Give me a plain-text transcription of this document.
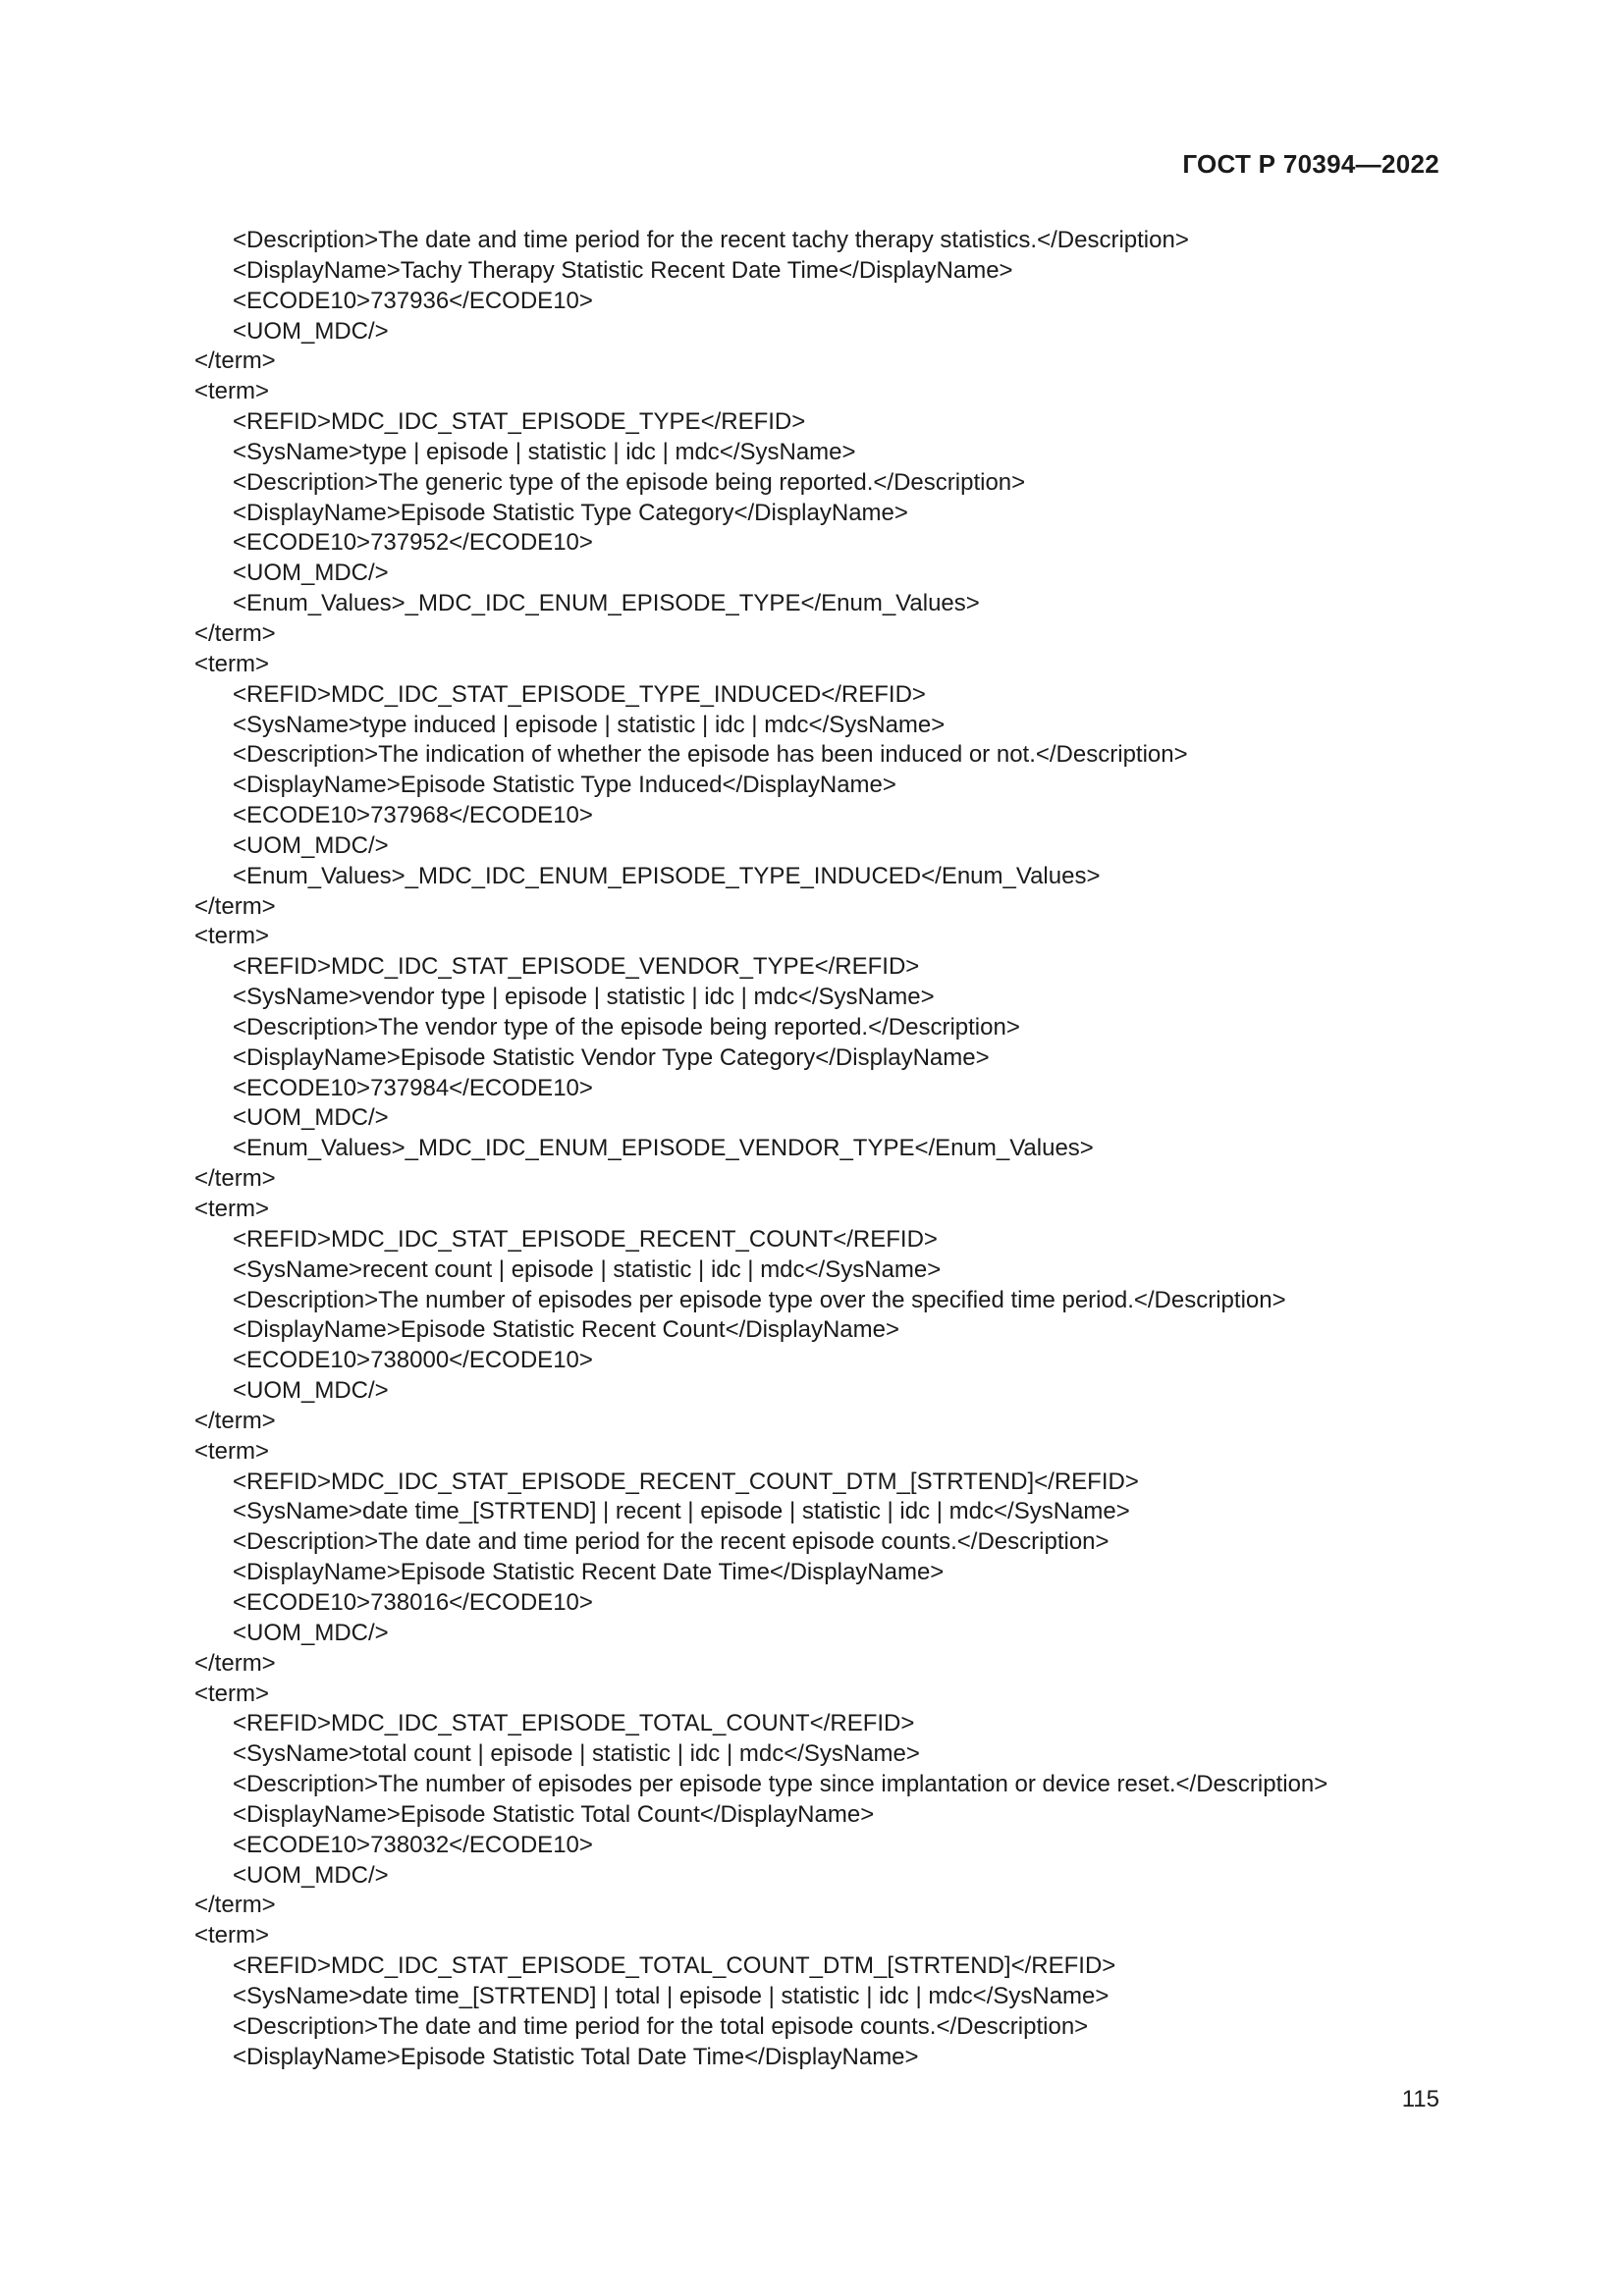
ГОСТ Р 70394—2022
<Description>The date and time period for the recent tachy therapy statistics.</Description>
<DisplayName>Tachy Therapy Statistic Recent Date Time</DisplayName>
<ECODE10>737936</ECODE10>
<UOM_MDC/>
</term>
<term>
<REFID>MDC_IDC_STAT_EPISODE_TYPE</REFID>
<SysName>type | episode | statistic | idc | mdc</SysName>
<Description>The generic type of the episode being reported.</Description>
<DisplayName>Episode Statistic Type Category</DisplayName>
<ECODE10>737952</ECODE10>
<UOM_MDC/>
<Enum_Values>_MDC_IDC_ENUM_EPISODE_TYPE</Enum_Values>
</term>
<term>
<REFID>MDC_IDC_STAT_EPISODE_TYPE_INDUCED</REFID>
<SysName>type induced | episode | statistic | idc | mdc</SysName>
<Description>The indication of whether the episode has been induced or not.</Description>
<DisplayName>Episode Statistic Type Induced</DisplayName>
<ECODE10>737968</ECODE10>
<UOM_MDC/>
<Enum_Values>_MDC_IDC_ENUM_EPISODE_TYPE_INDUCED</Enum_Values>
</term>
<term>
<REFID>MDC_IDC_STAT_EPISODE_VENDOR_TYPE</REFID>
<SysName>vendor type | episode | statistic | idc | mdc</SysName>
<Description>The vendor type of the episode being reported.</Description>
<DisplayName>Episode Statistic Vendor Type Category</DisplayName>
<ECODE10>737984</ECODE10>
<UOM_MDC/>
<Enum_Values>_MDC_IDC_ENUM_EPISODE_VENDOR_TYPE</Enum_Values>
</term>
<term>
<REFID>MDC_IDC_STAT_EPISODE_RECENT_COUNT</REFID>
<SysName>recent count | episode | statistic | idc | mdc</SysName>
<Description>The number of episodes per episode type over the specified time period.</Description>
<DisplayName>Episode Statistic Recent Count</DisplayName>
<ECODE10>738000</ECODE10>
<UOM_MDC/>
</term>
<term>
<REFID>MDC_IDC_STAT_EPISODE_RECENT_COUNT_DTM_[STRTEND]</REFID>
<SysName>date time_[STRTEND] | recent | episode | statistic | idc | mdc</SysName>
<Description>The date and time period for the recent episode counts.</Description>
<DisplayName>Episode Statistic Recent Date Time</DisplayName>
<ECODE10>738016</ECODE10>
<UOM_MDC/>
</term>
<term>
<REFID>MDC_IDC_STAT_EPISODE_TOTAL_COUNT</REFID>
<SysName>total count | episode | statistic | idc | mdc</SysName>
<Description>The number of episodes per episode type since implantation or device reset.</Description>
<DisplayName>Episode Statistic Total Count</DisplayName>
<ECODE10>738032</ECODE10>
<UOM_MDC/>
</term>
<term>
<REFID>MDC_IDC_STAT_EPISODE_TOTAL_COUNT_DTM_[STRTEND]</REFID>
<SysName>date time_[STRTEND] | total | episode | statistic | idc | mdc</SysName>
<Description>The date and time period for the total episode counts.</Description>
<DisplayName>Episode Statistic Total Date Time</DisplayName>
115
